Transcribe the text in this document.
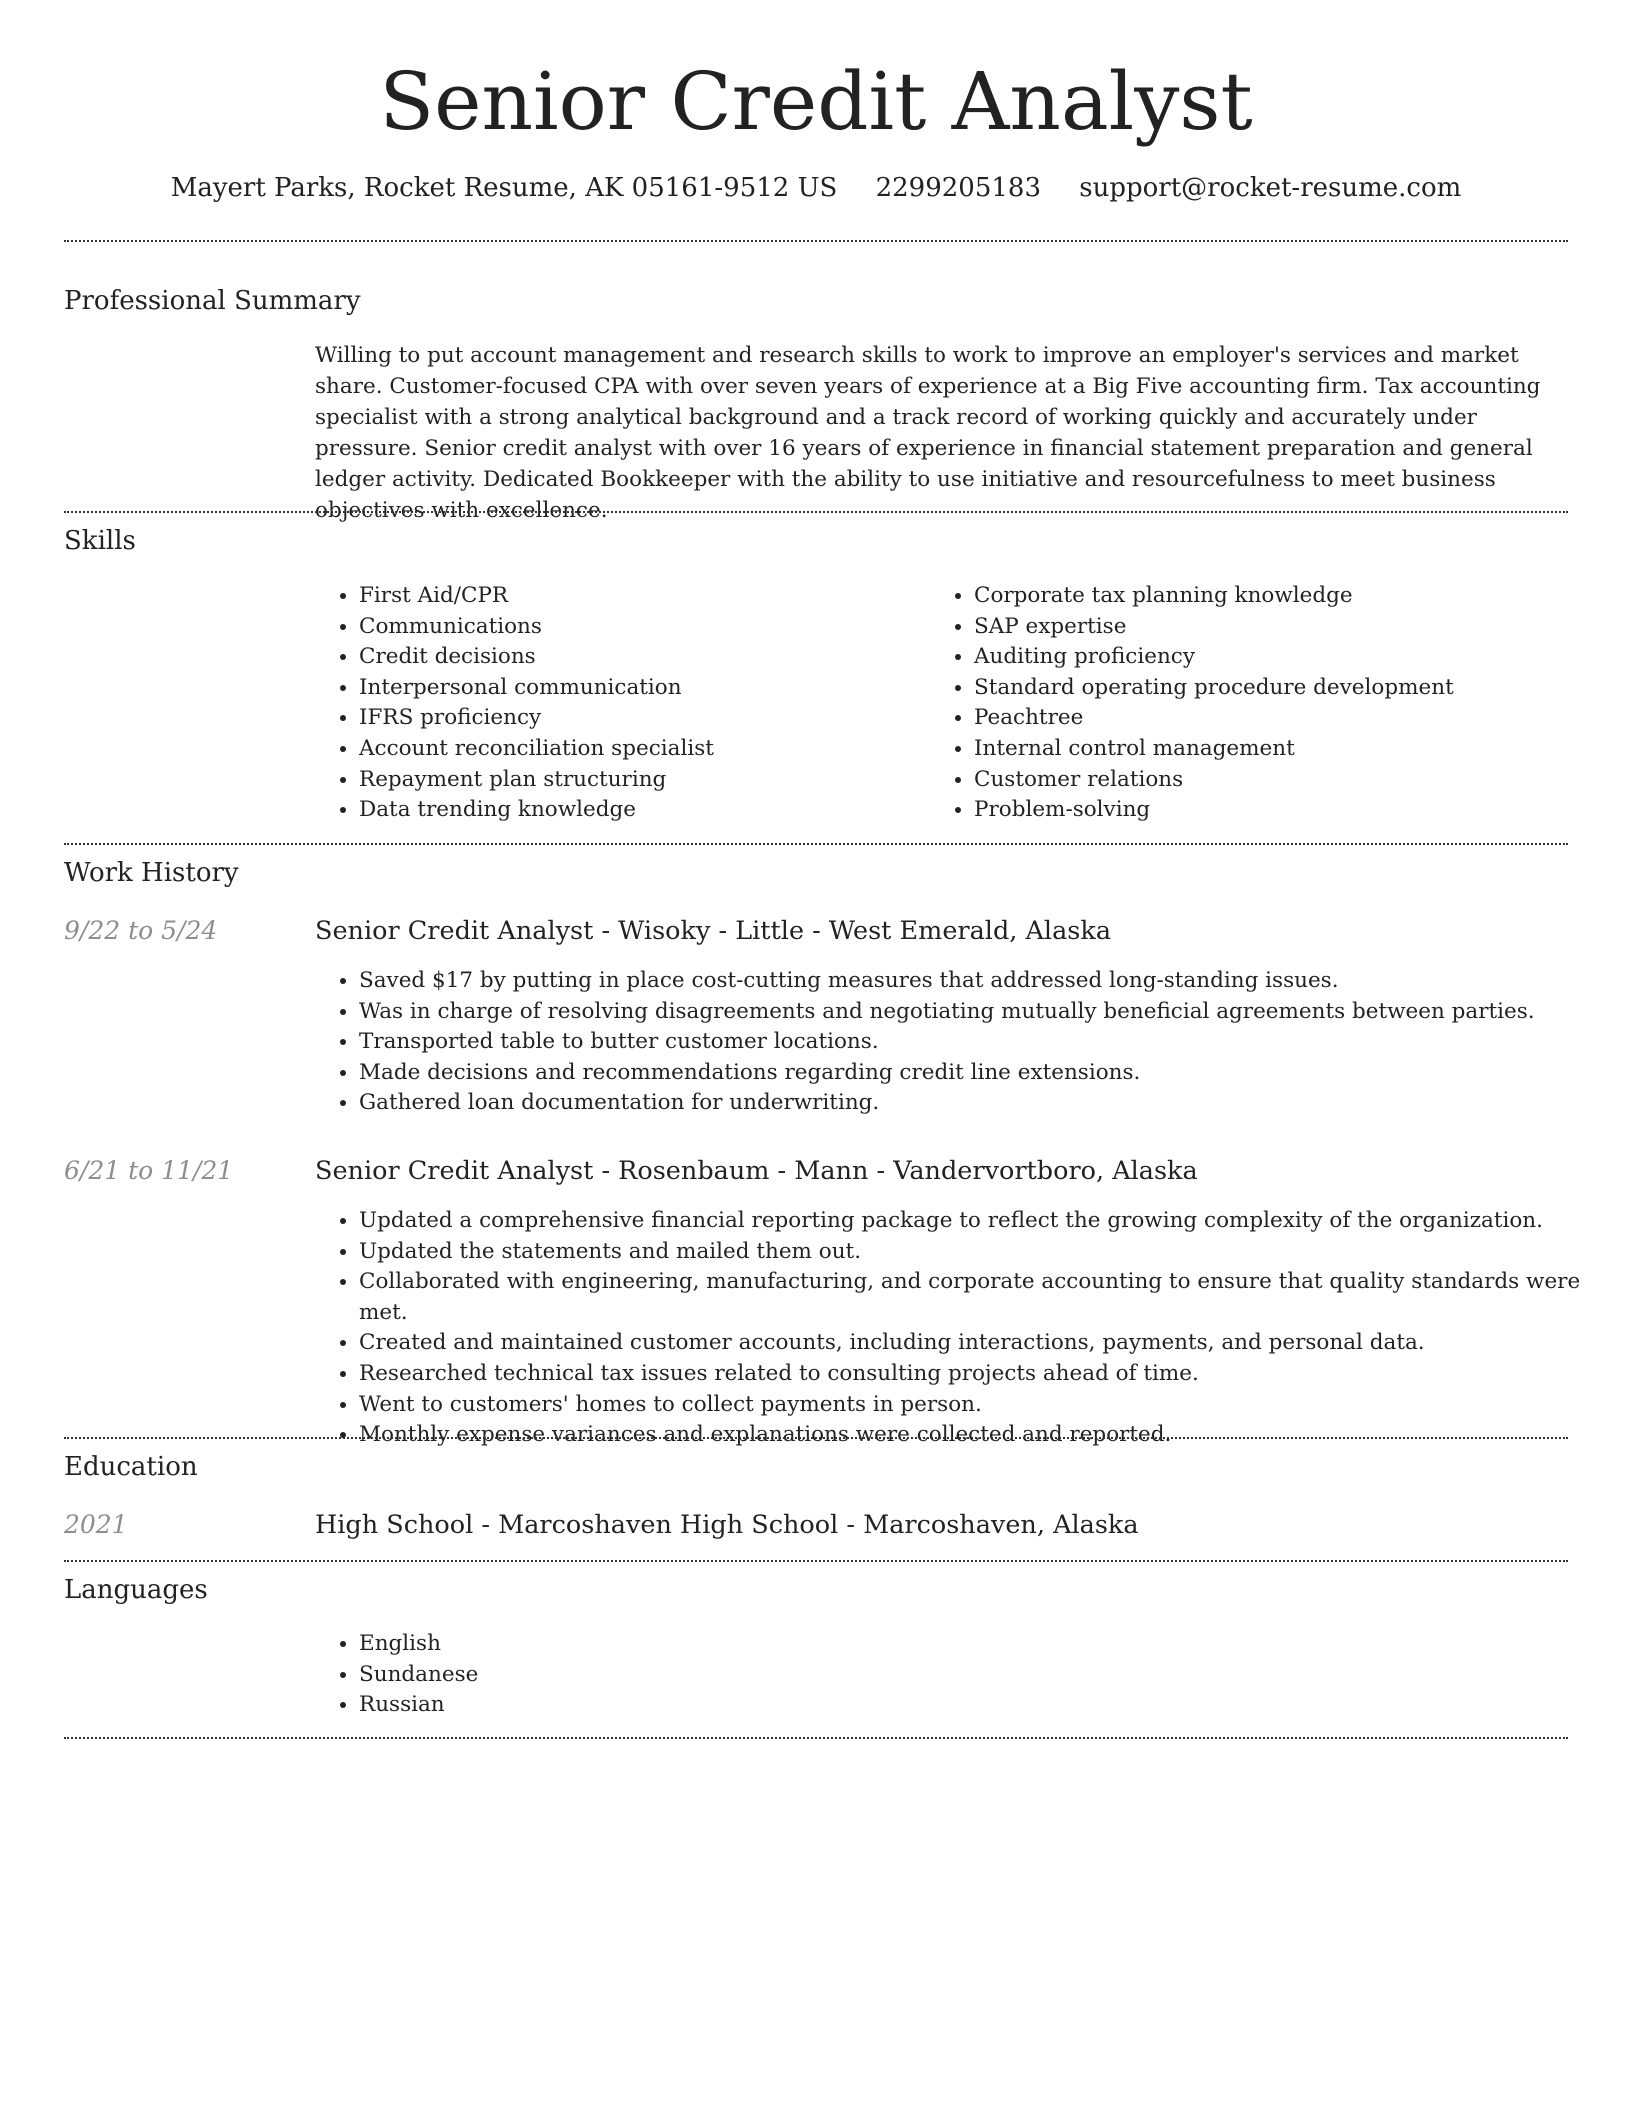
Senior Credit Analyst
Mayert Parks, Rocket Resume, AK 05161-9512 US 2299205183 support@rocket-resume.com
Professional Summary

Willing to put account management and research skills to work to improve an employer's services and market share. Customer-focused CPA with over seven years of experience at a Big Five accounting firm. Tax accounting specialist with a strong analytical background and a track record of working quickly and accurately under pressure. Senior credit analyst with over 16 years of experience in financial statement preparation and general ledger activity. Dedicated Bookkeeper with the ability to use initiative and resourcefulness to meet business objectives with excellence.

Skills
• First Aid/CPR
• Communications
• Credit decisions
• Interpersonal communication
• IFRS proficiency
• Account reconciliation specialist
• Repayment plan structuring
• Data trending knowledge
• Corporate tax planning knowledge
• SAP expertise
• Auditing proficiency
• Standard operating procedure development
• Peachtree
• Internal control management
• Customer relations
• Problem-solving
Work History
9/22 to 5/24	Senior Credit Analyst - Wisoky - Little - West Emerald, Alaska
• Saved $17 by putting in place cost-cutting measures that addressed long-standing issues.
• Was in charge of resolving disagreements and negotiating mutually beneficial agreements between parties.
• Transported table to butter customer locations.
• Made decisions and recommendations regarding credit line extensions.
• Gathered loan documentation for underwriting.
6/21 to 11/21	Senior Credit Analyst - Rosenbaum - Mann - Vandervortboro, Alaska
• Updated a comprehensive financial reporting package to reflect the growing complexity of the organization.
• Updated the statements and mailed them out.
• Collaborated with engineering, manufacturing, and corporate accounting to ensure that quality standards were met.
• Created and maintained customer accounts, including interactions, payments, and personal data.
• Researched technical tax issues related to consulting projects ahead of time.
• Went to customers' homes to collect payments in person.
• Monthly expense variances and explanations were collected and reported.
Education
2021	High School - Marcoshaven High School - Marcoshaven, Alaska
Languages
• English
• Sundanese
• Russian
